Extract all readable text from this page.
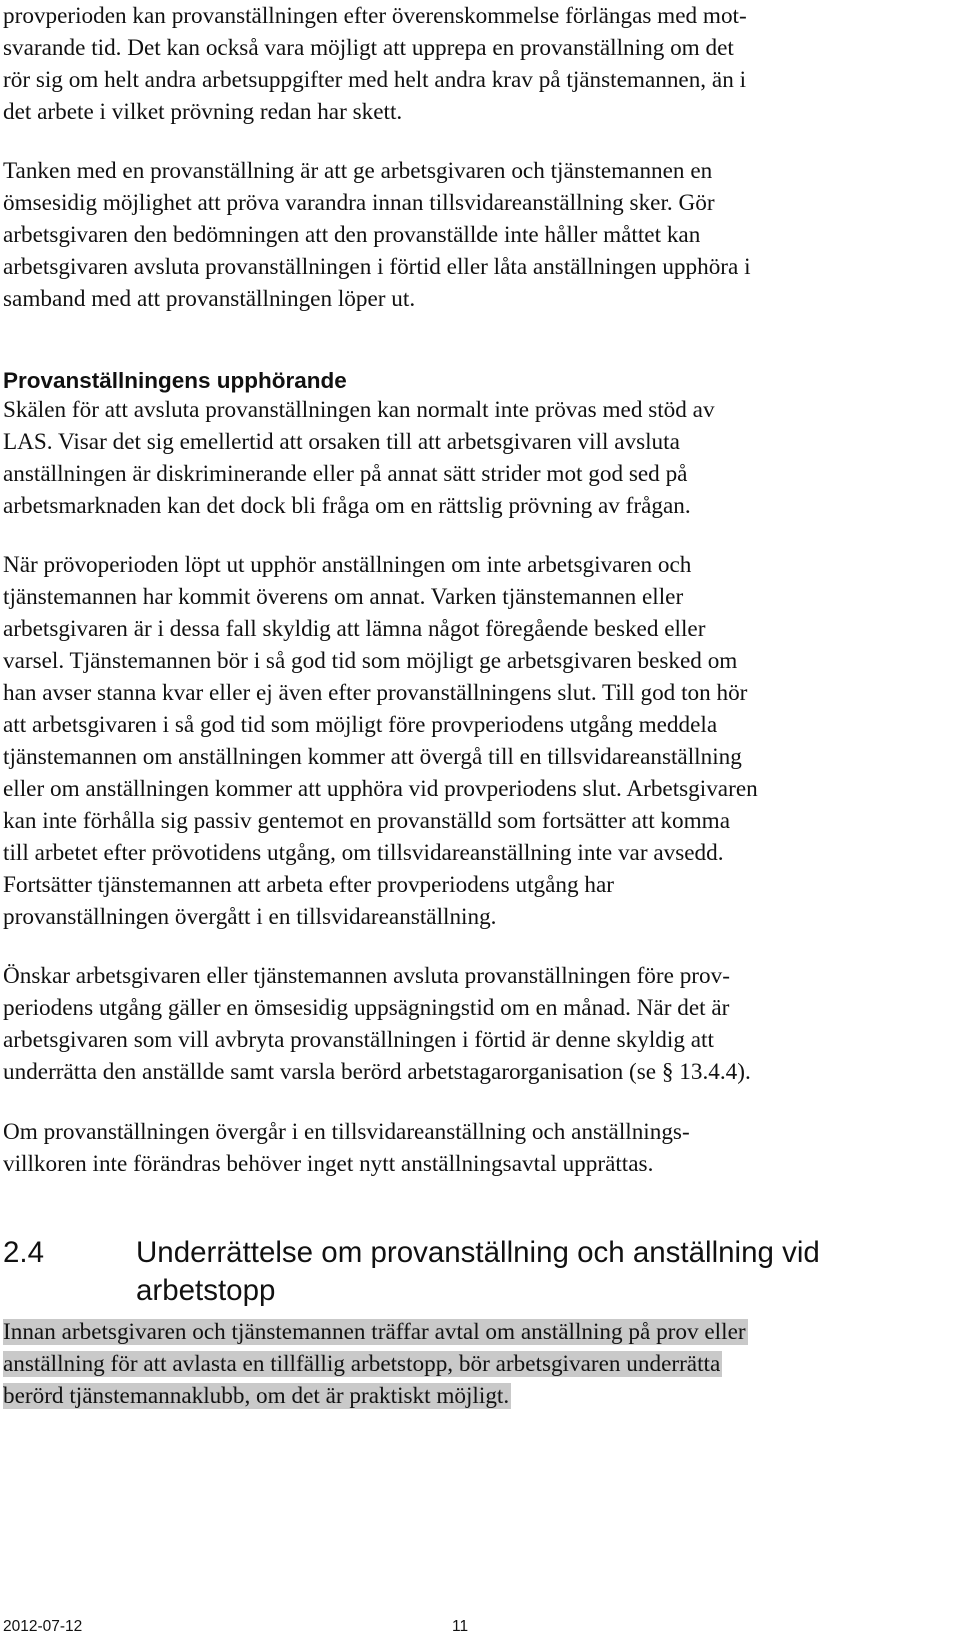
provperioden kan provanställningen efter överenskommelse förlängas med mot-

svarande tid. Det kan också vara möjligt att upprepa en provanställning om det

rör sig om helt andra arbetsuppgifter med helt andra krav på tjänstemannen, än i

det arbete i vilket prövning redan har skett.

Tanken med en provanställning är att ge arbetsgivaren och tjänstemannen en

ömsesidig möjlighet att pröva varandra innan tillsvidareanställning sker. Gör

arbetsgivaren den bedömningen att den provanställde inte håller måttet kan

arbetsgivaren avsluta provanställningen i förtid eller låta anställningen upphöra i

samband med att provanställningen löper ut.

Provanställningens upphörande

Skälen för att avsluta provanställningen kan normalt inte prövas med stöd av

LAS. Visar det sig emellertid att orsaken till att arbetsgivaren vill avsluta

anställningen är diskriminerande eller på annat sätt strider mot god sed på

arbetsmarknaden kan det dock bli fråga om en rättslig prövning av frågan.

När prövoperioden löpt ut upphör anställningen om inte arbetsgivaren och

tjänstemannen har kommit överens om annat. Varken tjänstemannen eller

arbetsgivaren är i dessa fall skyldig att lämna något föregående besked eller

varsel. Tjänstemannen bör i så god tid som möjligt ge arbetsgivaren besked om

han avser stanna kvar eller ej även efter provanställningens slut. Till god ton hör

att arbetsgivaren i så god tid som möjligt före provperiodens utgång meddela

tjänstemannen om anställningen kommer att övergå till en tillsvidareanställning

eller om anställningen kommer att upphöra vid provperiodens slut. Arbetsgivaren

kan inte förhålla sig passiv gentemot en provanställd som fortsätter att komma

till arbetet efter prövotidens utgång, om tillsvidareanställning inte var avsedd.

Fortsätter tjänstemannen att arbeta efter provperiodens utgång har

provanställningen övergått i en tillsvidareanställning.

Önskar arbetsgivaren eller tjänstemannen avsluta provanställningen före prov-

periodens utgång gäller en ömsesidig uppsägningstid om en månad. När det är

arbetsgivaren som vill avbryta provanställningen i förtid är denne skyldig att

underrätta den anställde samt varsla berörd arbetstagarorganisation (se § 13.4.4).

Om provanställningen övergår i en tillsvidareanställning och anställnings-

villkoren inte förändras behöver inget nytt anställningsavtal upprättas.

2.4	Underrättelse om provanställning och anställning vid

arbetstopp

Innan arbetsgivaren och tjänstemannen träffar avtal om anställning på prov eller

anställning för att avlasta en tillfällig arbetstopp, bör arbetsgivaren underrätta

berörd tjänstemannaklubb, om det är praktiskt möjligt.

2012-07-12	11
